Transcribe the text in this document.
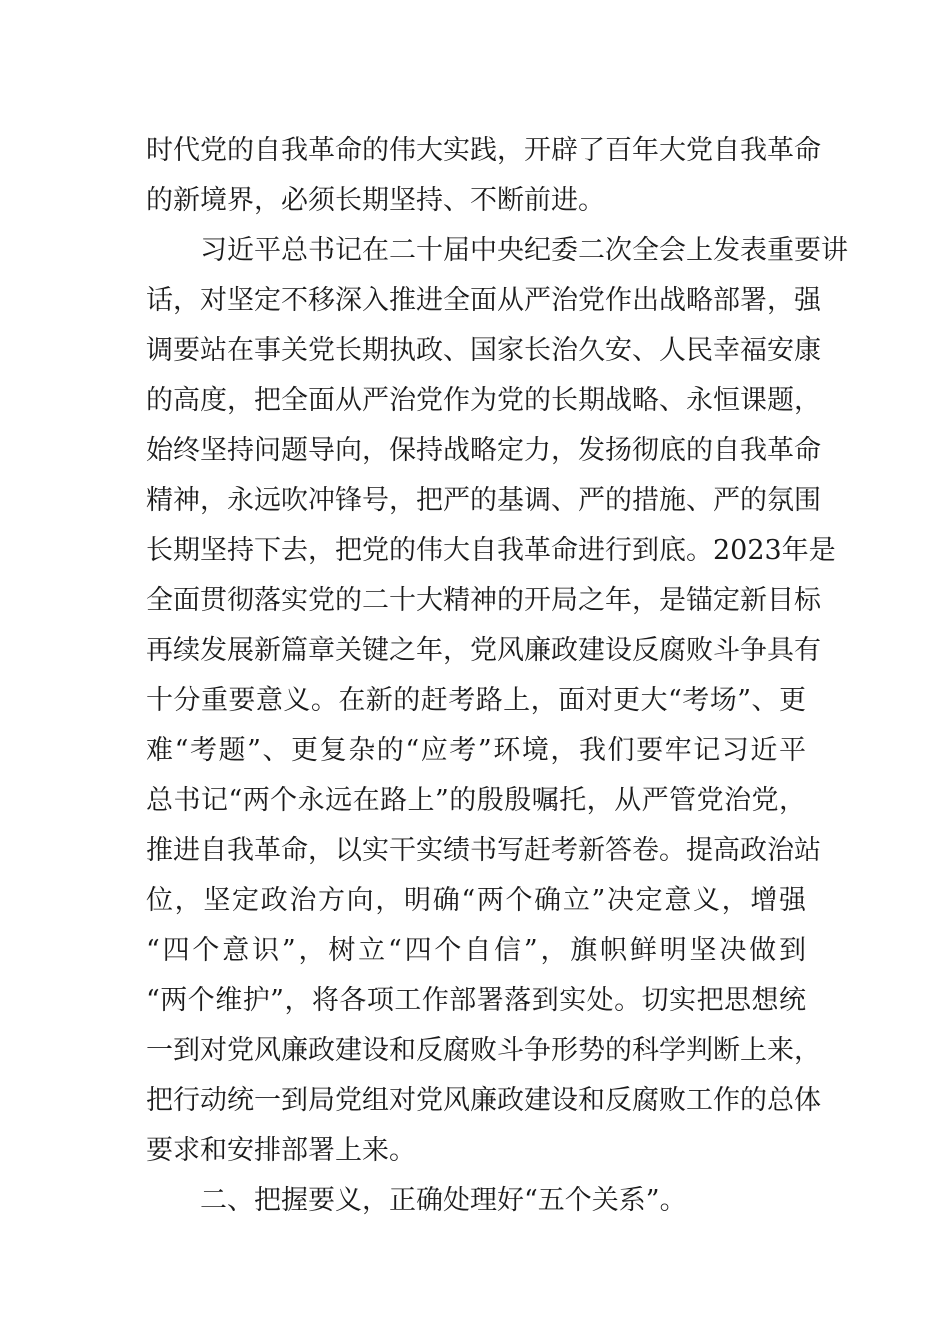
时代党的自我革命的伟大实践，开辟了百年大党自我革命
的新境界，必须长期坚持、不断前进。
　　习近平总书记在二十届中央纪委二次全会上发表重要讲
话，对坚定不移深入推进全面从严治党作出战略部署，强
调要站在事关党长期执政、国家长治久安、人民幸福安康
的高度，把全面从严治党作为党的长期战略、永恒课题，
始终坚持问题导向，保持战略定力，发扬彻底的自我革命
精神，永远吹冲锋号，把严的基调、严的措施、严的氛围
长期坚持下去，把党的伟大自我革命进行到底。2023年是
全面贯彻落实党的二十大精神的开局之年，是锚定新目标
再续发展新篇章关键之年，党风廉政建设反腐败斗争具有
十分重要意义。在新的赶考路上，面对更大“考场”、更
难“考题”、更复杂的“应考”环境，我们要牢记习近平
总书记“两个永远在路上”的殷殷嘱托，从严管党治党，
推进自我革命，以实干实绩书写赶考新答卷。提高政治站
位，坚定政治方向，明确“两个确立”决定意义，增强
“四个意识”，树立“四个自信”，旗帜鲜明坚决做到
“两个维护”，将各项工作部署落到实处。切实把思想统
一到对党风廉政建设和反腐败斗争形势的科学判断上来，
把行动统一到局党组对党风廉政建设和反腐败工作的总体
要求和安排部署上来。
　　二、把握要义，正确处理好“五个关系”。
